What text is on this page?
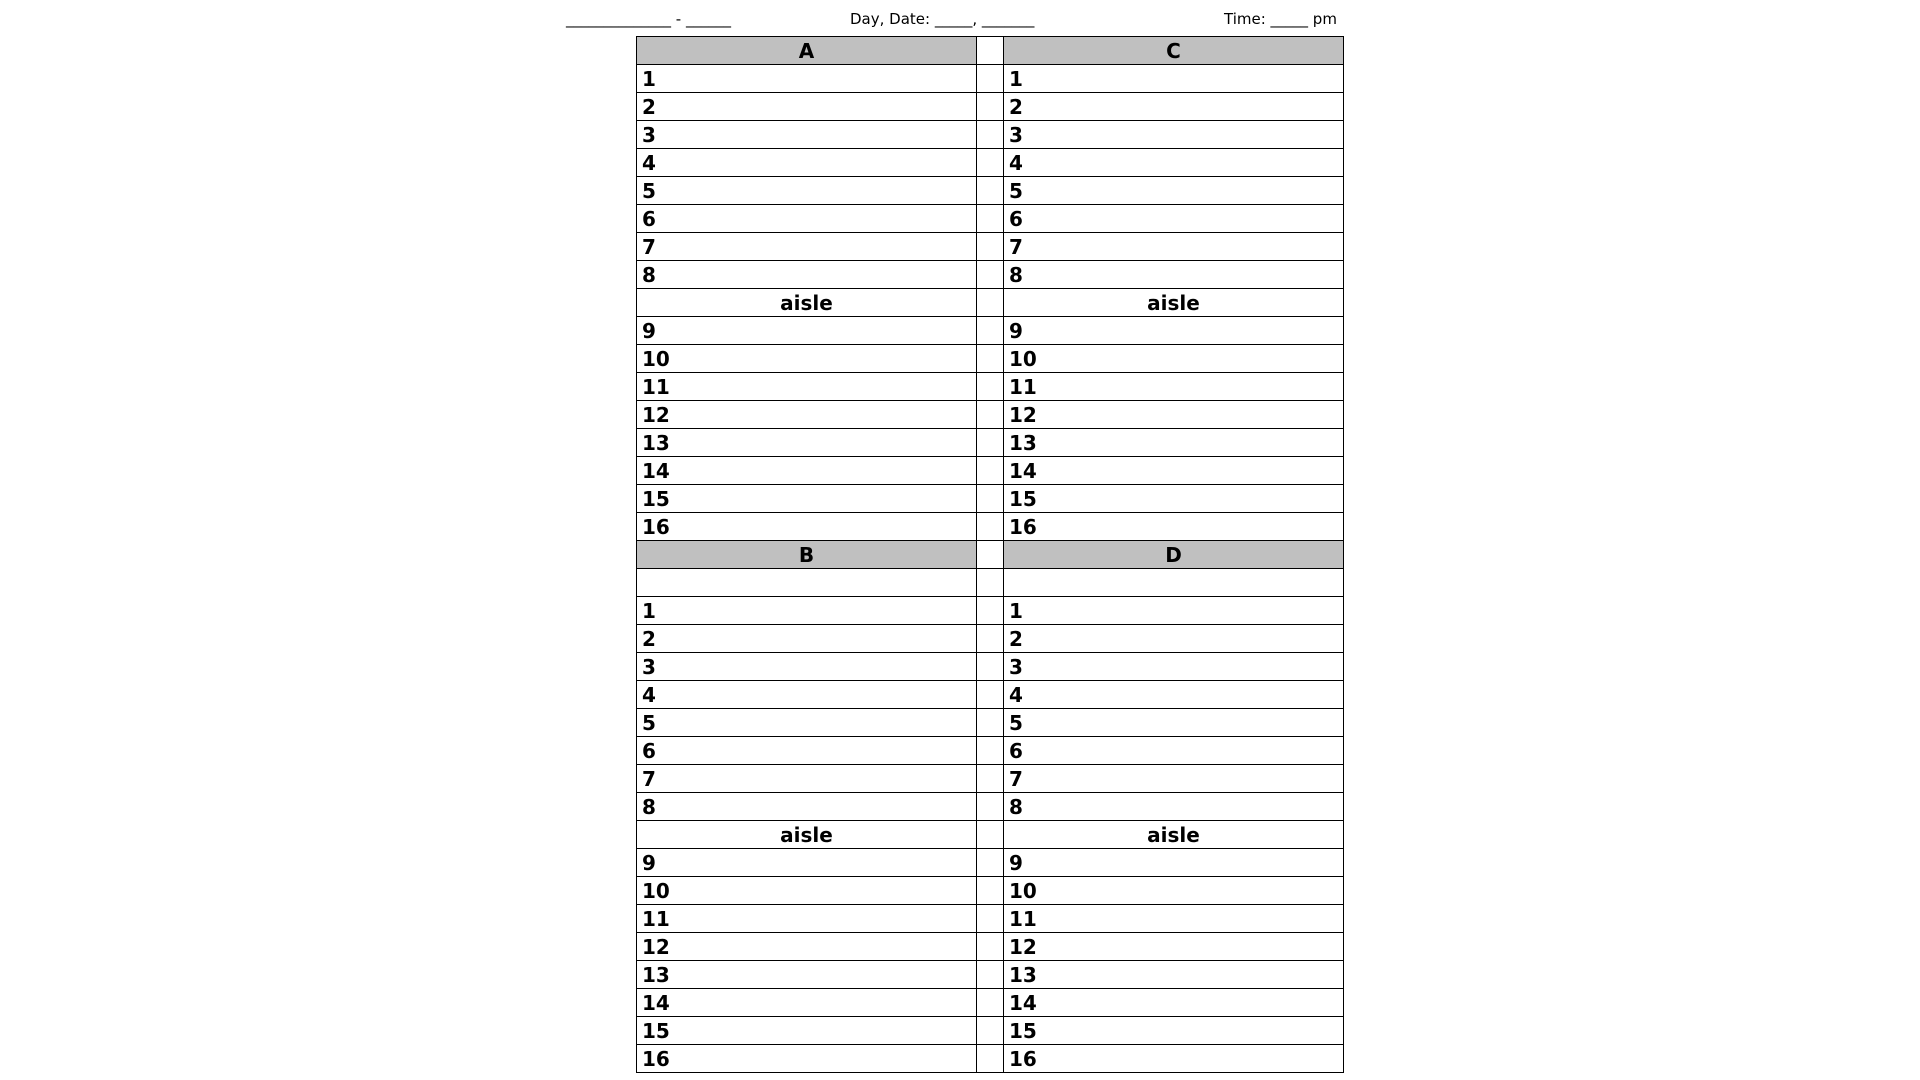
______________ - ______	Day, Date: _____, _______	Time: _____ pm
A		C
1		1
2		2
3		3
4		4
5		5
6		6
7		7
8		8
aisle		aisle
9		9
10		10
11		11
12		12
13		13
14		14
15		15
16		16
B		D

1		1
2		2
3		3
4		4
5		5
6		6
7		7
8		8
aisle		aisle
9		9
10		10
11		11
12		12
13		13
14		14
15		15
16		16
